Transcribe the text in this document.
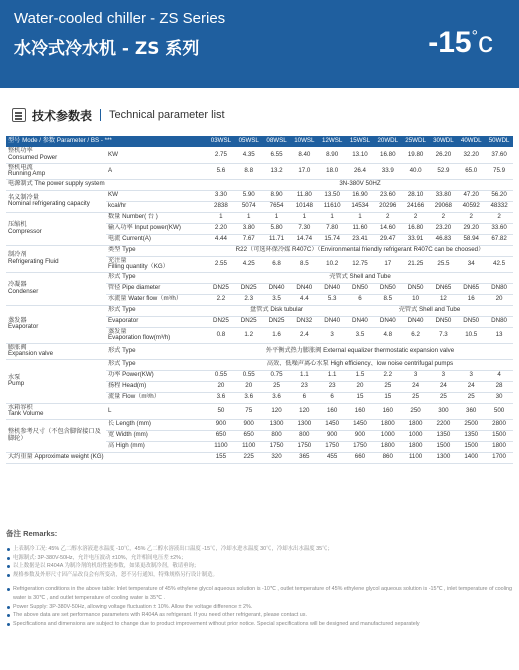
Water-cooled chiller - ZS Series
水冷式冷水机 - ZS 系列	-15°c
技术参数表 Technical parameter list
型号 Mode / 参数 Parameter / BS - ***		03WSL	05WSL	08WSL	10WSL	12WSL	15WSL	20WDL	25WDL	30WDL	40WDL	50WDL
整机功率
Consumed Power	KW	2.75	4.35	6.55	8.40	8.90	13.10	16.80	19.80	26.20	32.20	37.60
整机电流
Running Amp	A	5.6	8.8	13.2	17.0	18.0	26.4	33.9	40.0	52.9	65.0	75.9
电源制式 The power supply system		3N-380V 50HZ										
名义制冷量
Nominal refrigerating capacity	KW	3.30	5.90	8.90	11.80	13.50	16.90	23.60	28.10	33.80	47.20	56.20
	kcal/hr	2838	5074	7654	10148	11610	14534	20296	24166	29068	40592	48332
压缩机
Compressor	数量 Number( 台 )	1	1	1	1	1	1	2	2	2	2	2
	输入功率 Input power(KW)	2.20	3.80	5.80	7.30	7.80	11.60	14.60	16.80	23.20	29.20	33.60
	电流 Current(A)	4.44	7.67	11.71	14.74	15.74	23.41	29.47	33.91	46.83	58.94	67.82
制冷剂
Refrigerating Fluid	类型 Type	R22（可选环保冷媒 R407C）（Environmental friendly refrigerant R407C can be choosed）										
	充注量
Filling quantity（KG）	2.55	4.25	6.8	8.5	10.2	12.75	17	21.25	25.5	34	42.5
冷凝器
Condenser	形式 Type	壳管式 Shell and Tube										
	管径 Pipe diameter	DN25	DN25	DN40	DN40	DN40	DN50	DN50	DN50	DN65	DN65	DN80
	水流量 Water flow（m³/h）	2.2	2.3	3.5	4.4	5.3	6	8.5	10	12	16	20
蒸发器
Evaporator	形式 Type	盘管式 Disk tubular					壳管式 Shell and Tube					
	Evaporator	DN25	DN25	DN25	DN32	DN40	DN40	DN40	DN40	DN50	DN50	DN80
	蒸发量
Evaporation flow(m³/h)	0.8	1.2	1.6	2.4	3	3.5	4.8	6.2	7.3	10.5	13
膨胀阀
Expansion valve	形式 Type	外平衡式热力膨胀阀 External equalizer thermostatic expansion valve										
水泵
Pump	形式 Type	高效、低噪声离心水泵 High efficiency、low noise centrifugal pumps										
	功率 Power(KW)	0.55	0.55	0.75	1.1	1.1	1.5	2.2	3	3	3	4
	扬程 Head(m)	20	20	25	23	23	20	25	24	24	24	28
	流量 Flow（m³/h）	3.6	3.6	3.6	6	6	15	15	25	25	25	30
水箱容积
Tank Volume	L	50	75	120	120	160	160	160	250	300	360	500
整机参考尺寸（不包含脚留接口及脚轮）	长 Length (mm)	900	900	1300	1300	1450	1450	1800	1800	2200	2500	2800
	宽 Width (mm)	650	650	800	800	900	900	1000	1000	1350	1350	1500
	高 High (mm)	1100	1100	1750	1750	1750	1750	1800	1800	1500	1500	1800
大约重量 Approximate weight (KG)		155	225	320	365	455	660	860	1100	1300	1400	1700
备注 Remarks:
上表制冷工况: 45% 乙二醇水溶液进水温度 -10℃，45% 乙二醇水溶液出口温度 -15℃，冷却水进水温度 30℃，冷却水出水温度 35℃；
电源制式: 3P-380V-50Hz，允许电压波动 ±10%，允许相间电压差 ±2%；
以上数据是以 R404A 为制冷剂的机组性能参数，如果更改制冷剂，敬请垂询；
规格参数及外形尺寸因产品改良会有所变动，恕不另行通知，特殊规格另行设计制造。
Refrigeration conditions in the above table: Inlet temperature of 45% ethylene glycol aqueous solution is -10℃ , outlet temperature of 45% ethylene glycol aqueous solution is -15℃ , inlet temperature of cooling water is 30℃ , and outlet temperature of cooling water is 35℃ .
Power Supply: 3P-380V-50Hz, allowing voltage fluctuation ± 10%. Allow the voltage difference ± 2%.
The above data are set performance parameters with R404A as refrigerant. If you need other refrigerant, please contact us.
Specifications and dimensions are subject to change due to product improvement without prior notice. Special specifications will be designed and manufactured separately
